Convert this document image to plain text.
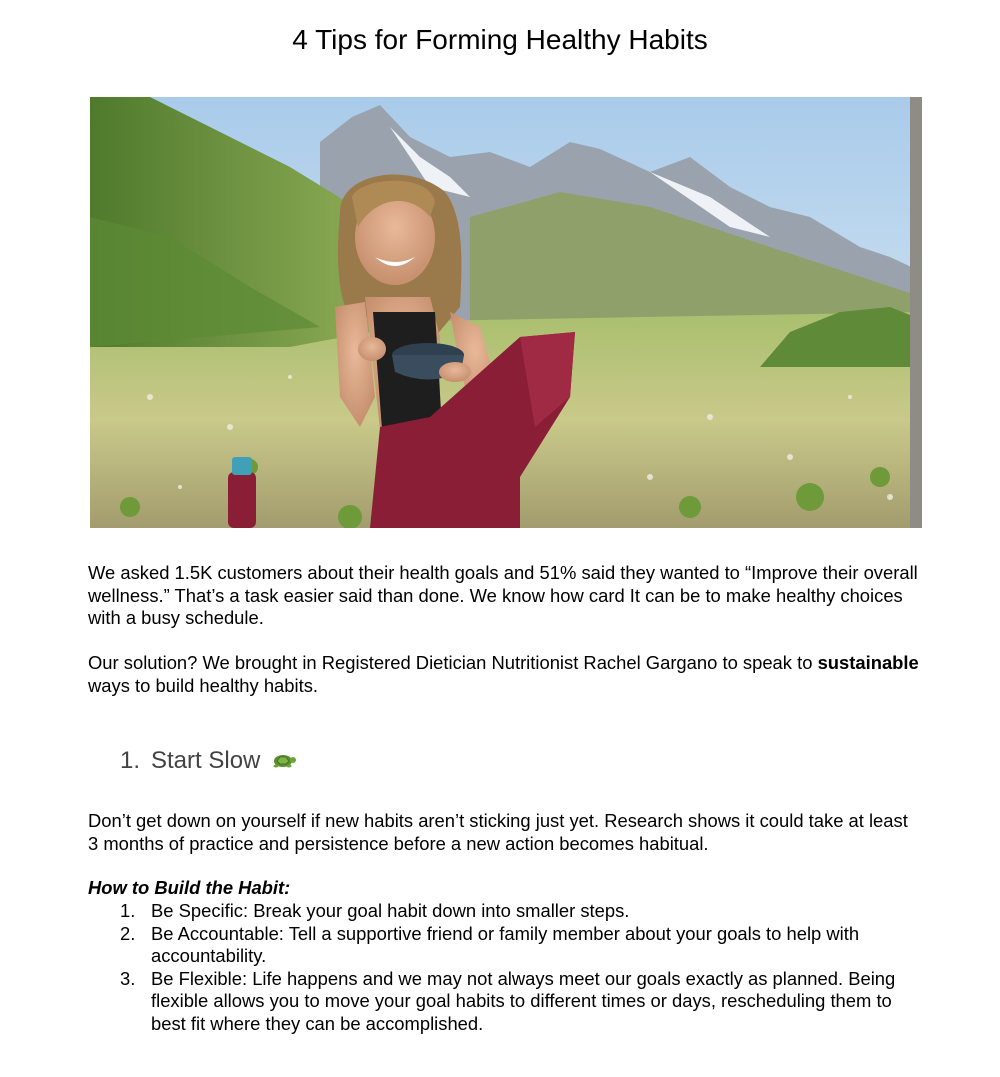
4 Tips for Forming Healthy Habits

We asked 1.5K customers about their health goals and 51% said they wanted to “Improve their overall wellness.” That’s a task easier said than done. We know how card It can be to make healthy choices with a busy schedule.

Our solution? We brought in Registered Dietician Nutritionist Rachel Gargano to speak to sustainable ways to build healthy habits.

1. Start Slow

Don’t get down on yourself if new habits aren’t sticking just yet. Research shows it could take at least 3 months of practice and persistence before a new action becomes habitual.

How to Build the Habit:
1. Be Specific: Break your goal habit down into smaller steps.
2. Be Accountable: Tell a supportive friend or family member about your goals to help with accountability.
3. Be Flexible: Life happens and we may not always meet our goals exactly as planned. Being flexible allows you to move your goal habits to different times or days, rescheduling them to best fit where they can be accomplished.
